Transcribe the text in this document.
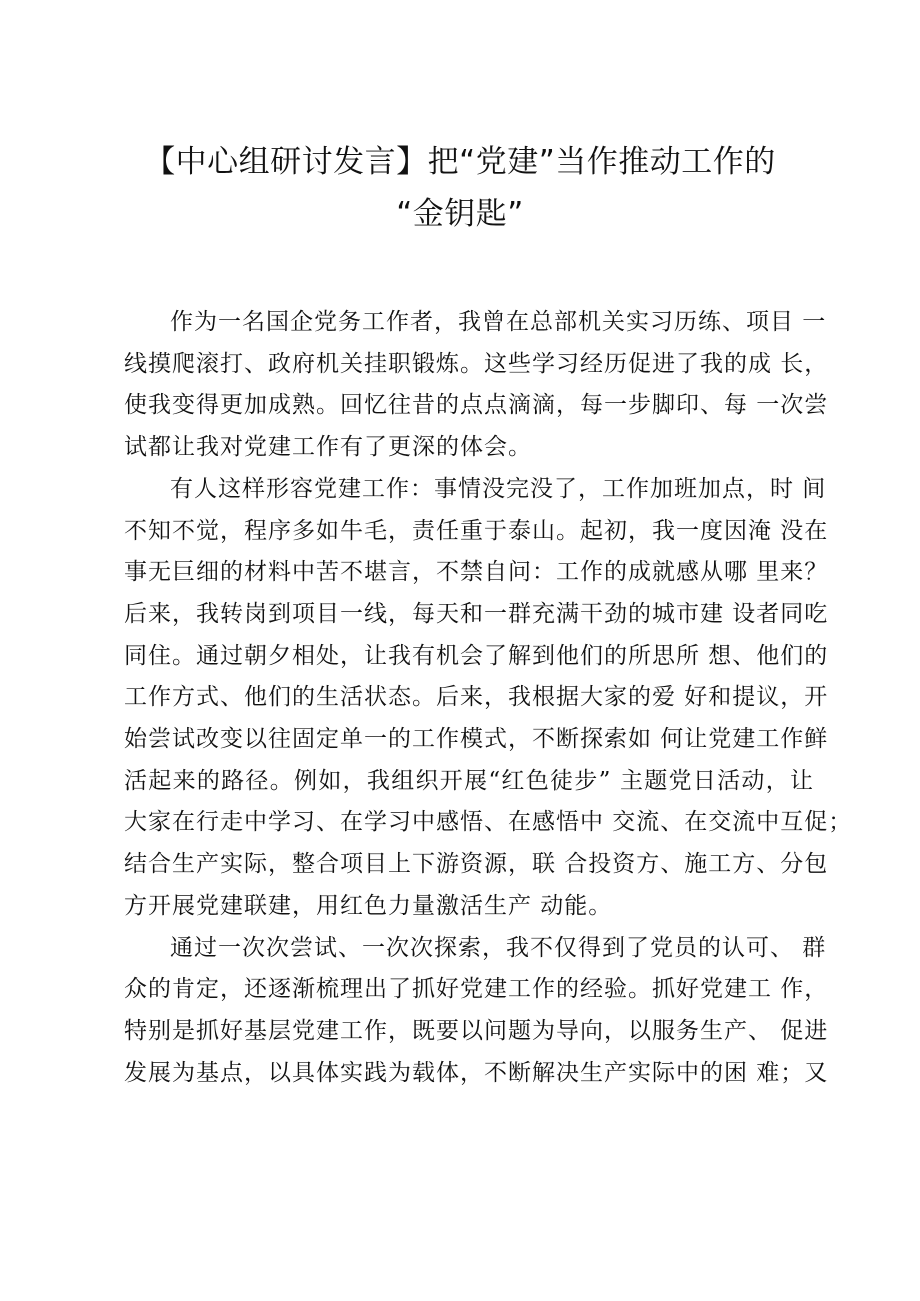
【中心组研讨发言】把“党建”当作推动工作的
“金钥匙”

作为一名国企党务工作者，我曾在总部机关实习历练、项目 一
线摸爬滚打、政府机关挂职锻炼。这些学习经历促进了我的成 长，
使我变得更加成熟。回忆往昔的点点滴滴，每一步脚印、每 一次尝
试都让我对党建工作有了更深的体会。

有人这样形容党建工作：事情没完没了，工作加班加点，时 间
不知不觉，程序多如牛毛，责任重于泰山。起初，我一度因淹 没在
事无巨细的材料中苦不堪言，不禁自问：工作的成就感从哪 里来？
后来，我转岗到项目一线，每天和一群充满干劲的城市建 设者同吃
同住。通过朝夕相处，让我有机会了解到他们的所思所 想、他们的
工作方式、他们的生活状态。后来，我根据大家的爱 好和提议，开
始尝试改变以往固定单一的工作模式，不断探索如 何让党建工作鲜
活起来的路径。例如，我组织开展“红色徒步” 主题党日活动，让
大家在行走中学习、在学习中感悟、在感悟中 交流、在交流中互促；
结合生产实际，整合项目上下游资源，联 合投资方、施工方、分包
方开展党建联建，用红色力量激活生产 动能。

通过一次次尝试、一次次探索，我不仅得到了党员的认可、 群
众的肯定，还逐渐梳理出了抓好党建工作的经验。抓好党建工 作，
特别是抓好基层党建工作，既要以问题为导向，以服务生产、 促进
发展为基点，以具体实践为载体，不断解决生产实际中的困 难；又
